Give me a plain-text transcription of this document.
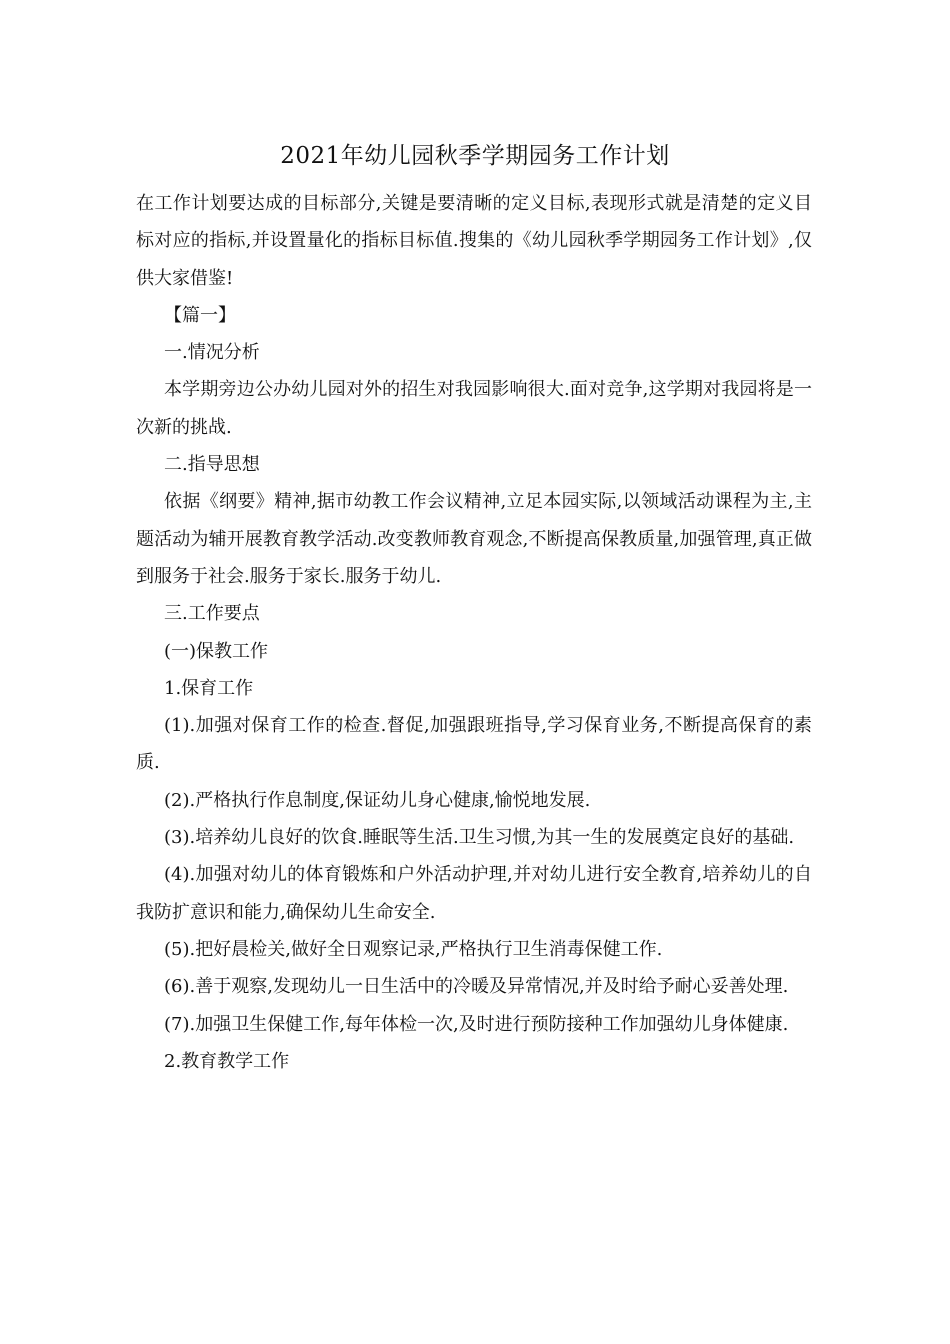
2021年幼儿园秋季学期园务工作计划

在工作计划要达成的目标部分,关键是要清晰的定义目标,表现形式就是清楚的定义目标对应的指标,并设置量化的指标目标值.搜集的《幼儿园秋季学期园务工作计划》,仅供大家借鉴!

【篇一】

一.情况分析

本学期旁边公办幼儿园对外的招生对我园影响很大.面对竞争,这学期对我园将是一次新的挑战.

二.指导思想

依据《纲要》精神,据市幼教工作会议精神,立足本园实际,以领域活动课程为主,主题活动为辅开展教育教学活动.改变教师教育观念,不断提高保教质量,加强管理,真正做到服务于社会.服务于家长.服务于幼儿.

三.工作要点

(一)保教工作

1.保育工作

(1).加强对保育工作的检查.督促,加强跟班指导,学习保育业务,不断提高保育的素质.

(2).严格执行作息制度,保证幼儿身心健康,愉悦地发展.

(3).培养幼儿良好的饮食.睡眠等生活.卫生习惯,为其一生的发展奠定良好的基础.

(4).加强对幼儿的体育锻炼和户外活动护理,并对幼儿进行安全教育,培养幼儿的自我防扩意识和能力,确保幼儿生命安全.

(5).把好晨检关,做好全日观察记录,严格执行卫生消毒保健工作.

(6).善于观察,发现幼儿一日生活中的冷暖及异常情况,并及时给予耐心妥善处理.

(7).加强卫生保健工作,每年体检一次,及时进行预防接种工作加强幼儿身体健康.

2.教育教学工作
